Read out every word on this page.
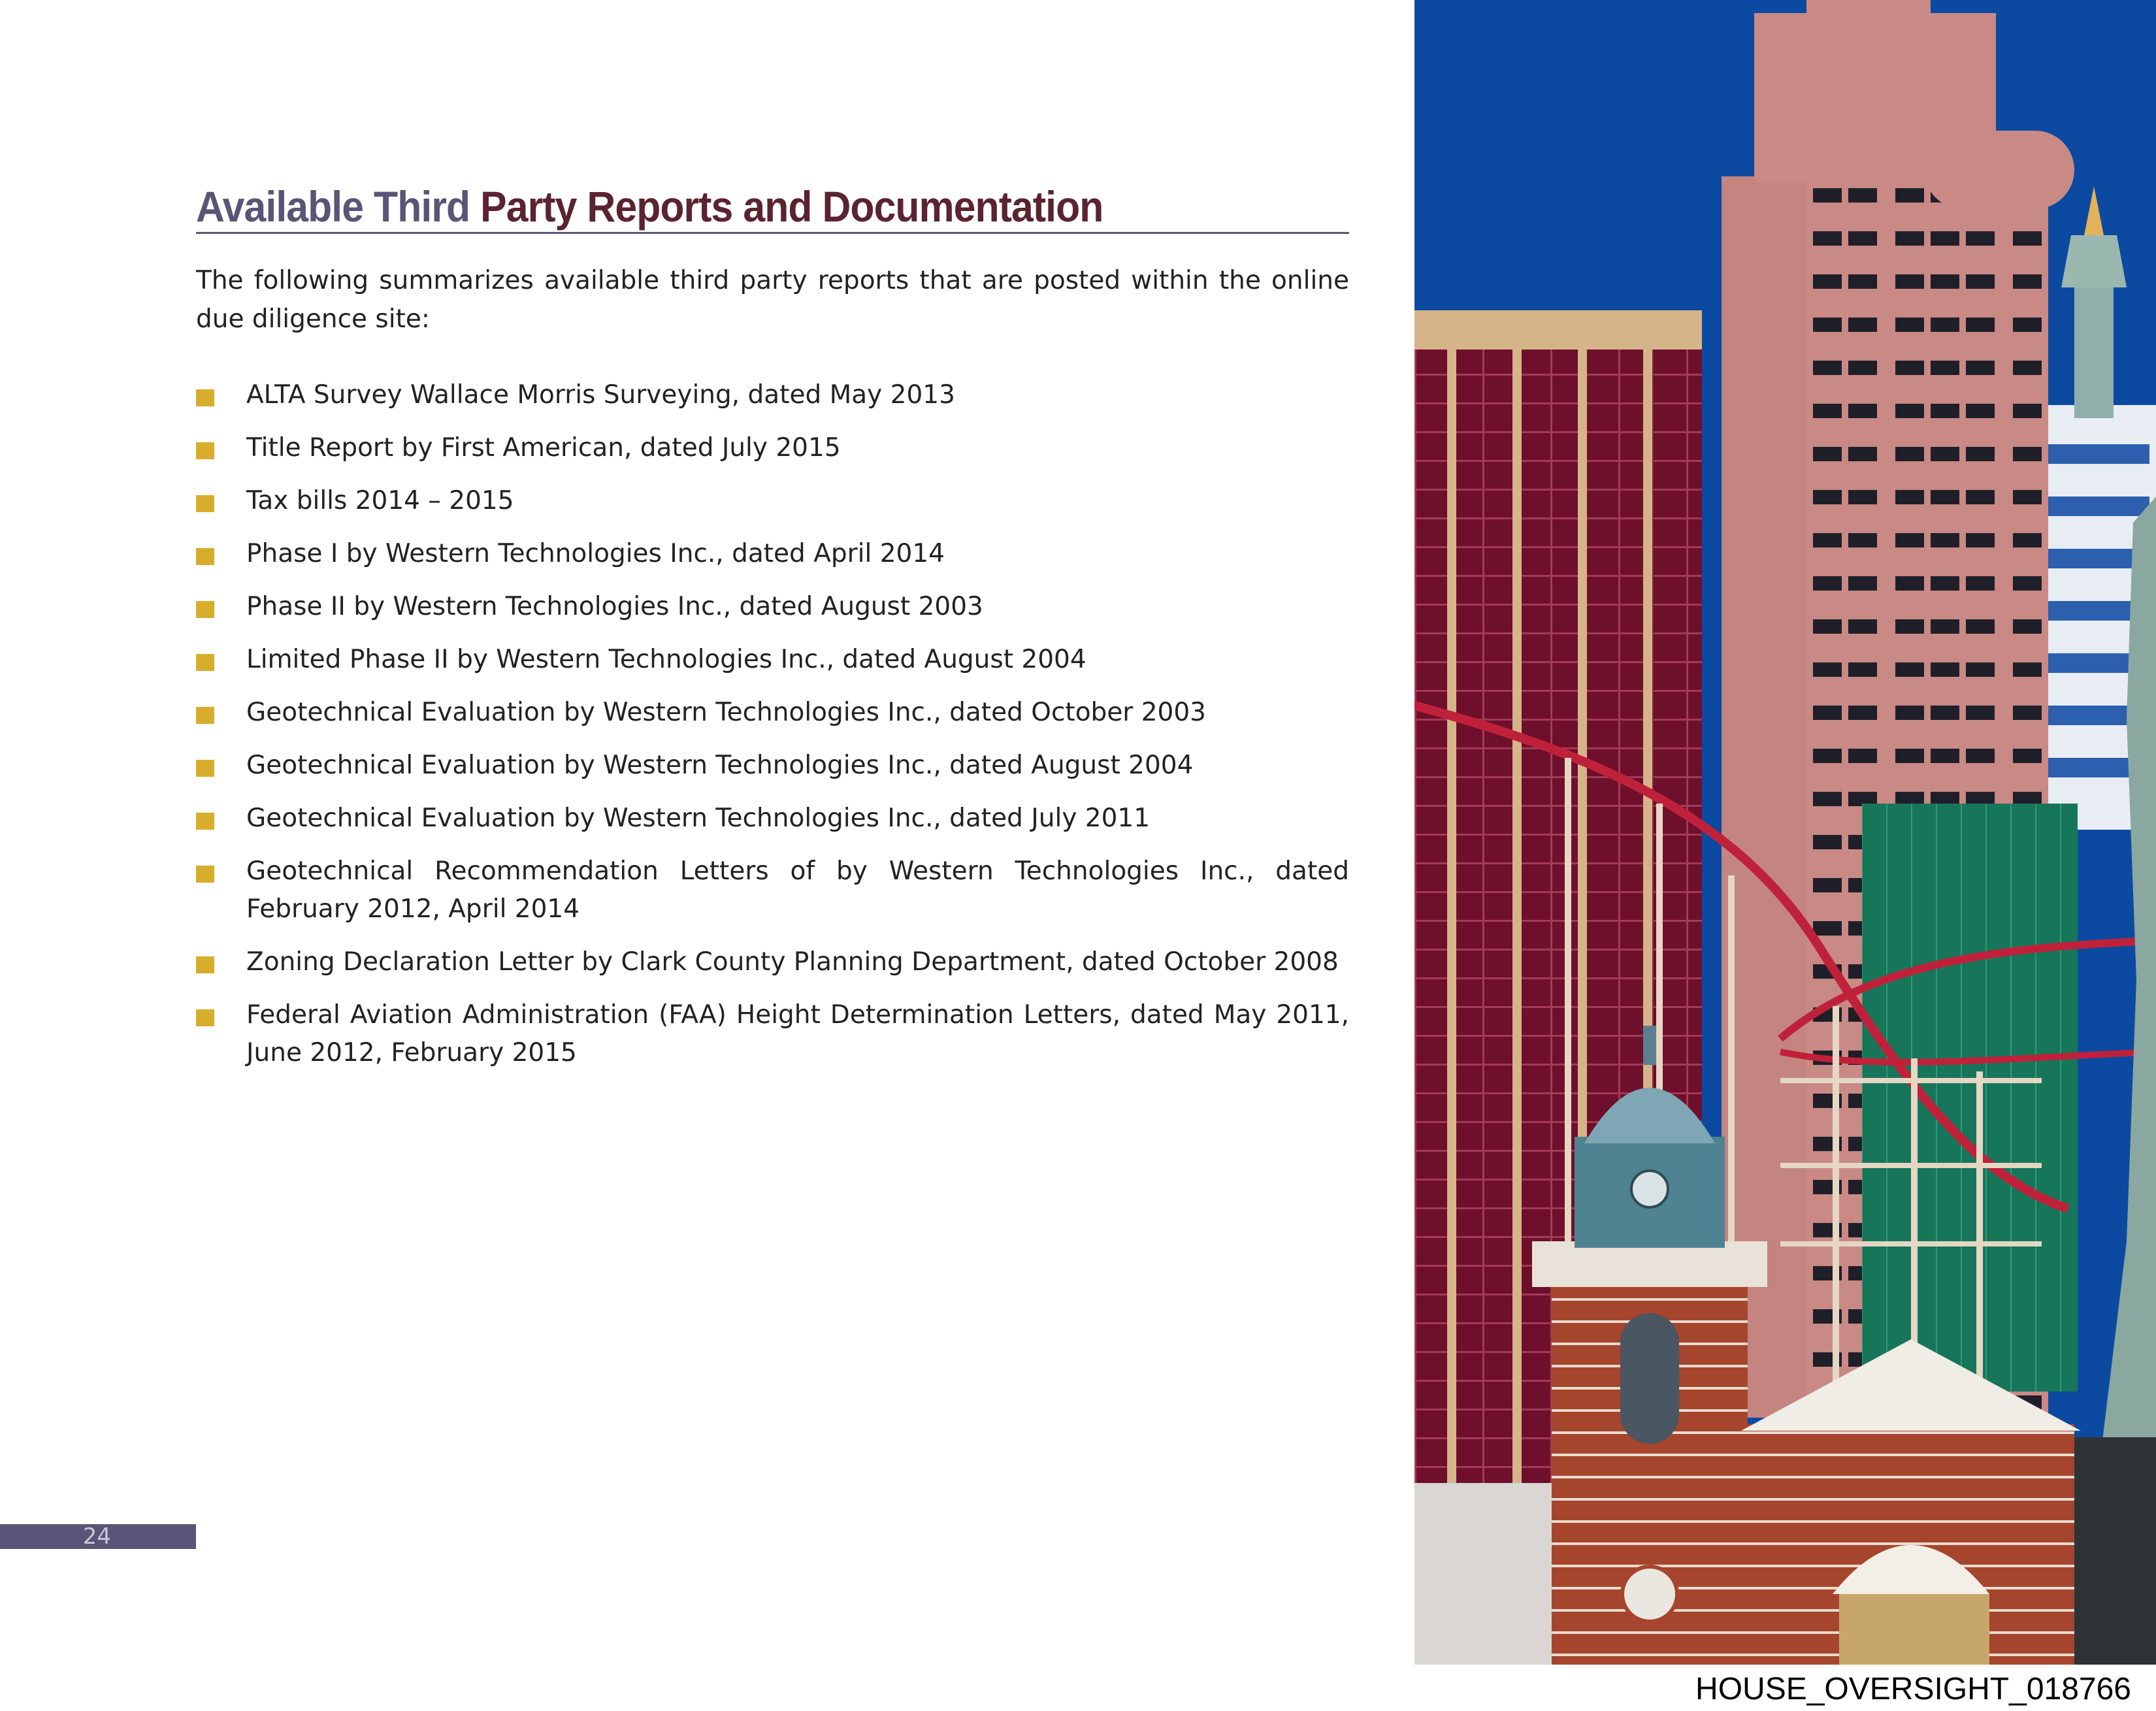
Available Third Party Reports and Documentation

The following summarizes available third party reports that are posted within the online due diligence site:

ALTA Survey Wallace Morris Surveying, dated May 2013
Title Report by First American, dated July 2015
Tax bills 2014 – 2015
Phase I by Western Technologies Inc., dated April 2014
Phase II by Western Technologies Inc., dated August 2003
Limited Phase II by Western Technologies Inc., dated August 2004
Geotechnical Evaluation by Western Technologies Inc., dated October 2003
Geotechnical Evaluation by Western Technologies Inc., dated August 2004
Geotechnical Evaluation by Western Technologies Inc., dated July 2011
Geotechnical Recommendation Letters of by Western Technologies Inc., dated February 2012, April 2014
Zoning Declaration Letter by Clark County Planning Department, dated October 2008
Federal Aviation Administration (FAA) Height Determination Letters, dated May 2011, June 2012, February 2015
24
HOUSE_OVERSIGHT_018766
